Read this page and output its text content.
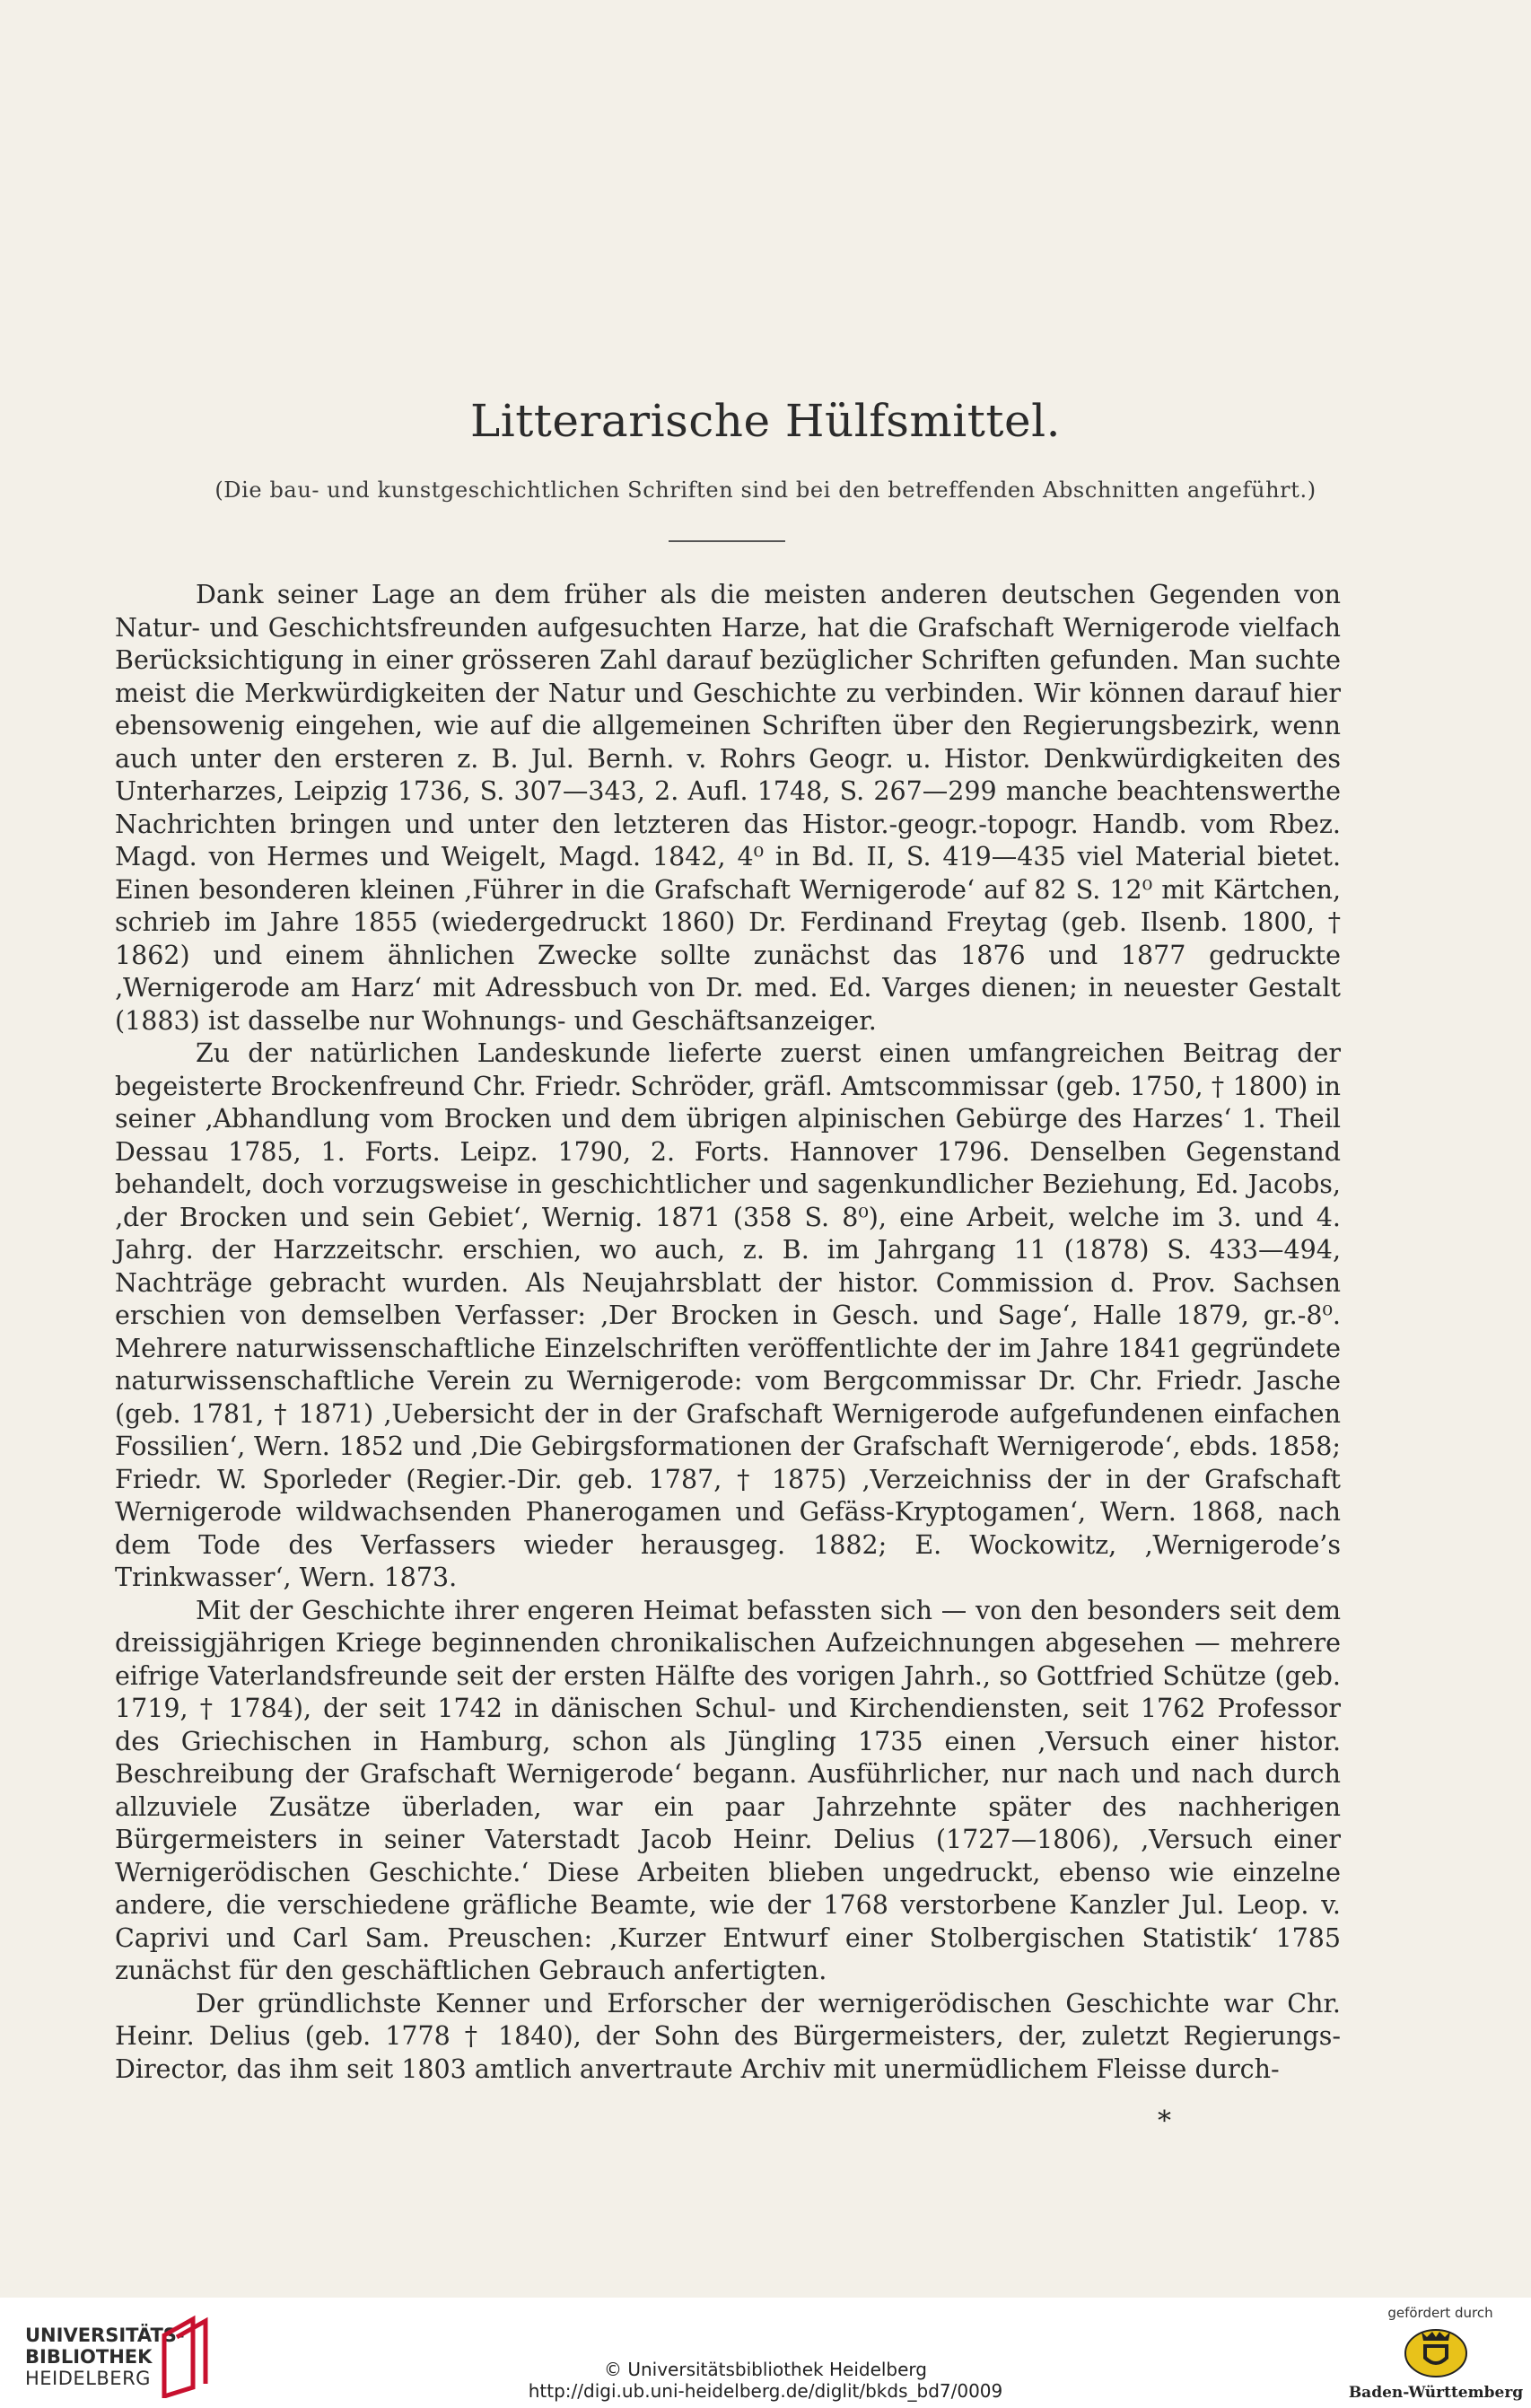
Litterarische Hülfsmittel.
(Die bau- und kunstgeschichtlichen Schriften sind bei den betreffenden Abschnitten angeführt.)

Dank seiner Lage an dem früher als die meisten anderen deutschen Gegenden von Natur- und Geschichtsfreunden aufgesuchten Harze, hat die Grafschaft Wernigerode vielfach Berücksichtigung in einer grösseren Zahl darauf bezüglicher Schriften gefunden. Man suchte meist die Merkwürdigkeiten der Natur und Geschichte zu verbinden. Wir können darauf hier ebensowenig eingehen, wie auf die allgemeinen Schriften über den Regierungsbezirk, wenn auch unter den ersteren z. B. Jul. Bernh. v. Rohrs Geogr. u. Histor. Denkwürdigkeiten des Unterharzes, Leipzig 1736, S. 307—343, 2. Aufl. 1748, S. 267—299 manche beachtenswerthe Nachrichten bringen und unter den letzteren das Histor.-geogr.-topogr. Handb. vom Rbez. Magd. von Hermes und Weigelt, Magd. 1842, 4⁰ in Bd. II, S. 419—435 viel Material bietet. Einen besonderen kleinen ‚Führer in die Grafschaft Wernigerode‘ auf 82 S. 12⁰ mit Kärtchen, schrieb im Jahre 1855 (wiedergedruckt 1860) Dr. Ferdinand Freytag (geb. Ilsenb. 1800, † 1862) und einem ähnlichen Zwecke sollte zunächst das 1876 und 1877 gedruckte ‚Wernigerode am Harz‘ mit Adressbuch von Dr. med. Ed. Varges dienen; in neuester Gestalt (1883) ist dasselbe nur Wohnungs- und Geschäftsanzeiger.

Zu der natürlichen Landeskunde lieferte zuerst einen umfangreichen Beitrag der begeisterte Brockenfreund Chr. Friedr. Schröder, gräfl. Amtscommissar (geb. 1750, † 1800) in seiner ‚Abhandlung vom Brocken und dem übrigen alpinischen Gebürge des Harzes‘ 1. Theil Dessau 1785, 1. Forts. Leipz. 1790, 2. Forts. Hannover 1796. Denselben Gegenstand behandelt, doch vorzugsweise in geschichtlicher und sagenkundlicher Beziehung, Ed. Jacobs, ‚der Brocken und sein Gebiet‘, Wernig. 1871 (358 S. 8⁰), eine Arbeit, welche im 3. und 4. Jahrg. der Harzzeitschr. erschien, wo auch, z. B. im Jahrgang 11 (1878) S. 433—494, Nachträge gebracht wurden. Als Neujahrsblatt der histor. Commission d. Prov. Sachsen erschien von demselben Verfasser: ‚Der Brocken in Gesch. und Sage‘, Halle 1879, gr.-8⁰. Mehrere naturwissenschaftliche Einzelschriften veröffentlichte der im Jahre 1841 gegründete naturwissenschaftliche Verein zu Wernigerode: vom Bergcommissar Dr. Chr. Friedr. Jasche (geb. 1781, † 1871) ‚Uebersicht der in der Grafschaft Wernigerode aufgefundenen einfachen Fossilien‘, Wern. 1852 und ‚Die Gebirgsformationen der Grafschaft Wernigerode‘, ebds. 1858; Friedr. W. Sporleder (Regier.-Dir. geb. 1787, † 1875) ‚Verzeichniss der in der Grafschaft Wernigerode wildwachsenden Phanerogamen und Gefäss-Kryptogamen‘, Wern. 1868, nach dem Tode des Verfassers wieder herausgeg. 1882; E. Wockowitz, ‚Wernigerode’s Trinkwasser‘, Wern. 1873.

Mit der Geschichte ihrer engeren Heimat befassten sich — von den besonders seit dem dreissigjährigen Kriege beginnenden chronikalischen Aufzeichnungen abgesehen — mehrere eifrige Vaterlandsfreunde seit der ersten Hälfte des vorigen Jahrh., so Gottfried Schütze (geb. 1719, † 1784), der seit 1742 in dänischen Schul- und Kirchendiensten, seit 1762 Professor des Griechischen in Hamburg, schon als Jüngling 1735 einen ‚Versuch einer histor. Beschreibung der Grafschaft Wernigerode‘ begann. Ausführlicher, nur nach und nach durch allzuviele Zusätze überladen, war ein paar Jahrzehnte später des nachherigen Bürgermeisters in seiner Vaterstadt Jacob Heinr. Delius (1727—1806), ‚Versuch einer Wernigerödischen Geschichte.‘ Diese Arbeiten blieben ungedruckt, ebenso wie einzelne andere, die verschiedene gräfliche Beamte, wie der 1768 verstorbene Kanzler Jul. Leop. v. Caprivi und Carl Sam. Preuschen: ‚Kurzer Entwurf einer Stolbergischen Statistik‘ 1785 zunächst für den geschäftlichen Gebrauch anfertigten.

Der gründlichste Kenner und Erforscher der wernigerödischen Geschichte war Chr. Heinr. Delius (geb. 1778 † 1840), der Sohn des Bürgermeisters, der, zuletzt Regierungs-Director, das ihm seit 1803 amtlich anvertraute Archiv mit unermüdlichem Fleisse durch-

*
UNIVERSITÄTS-
BIBLIOTHEK
HEIDELBERG	© Universitätsbibliothek Heidelberg
http://digi.ub.uni-heidelberg.de/diglit/bkds_bd7/0009
gefördert durch
Baden-Württemberg
